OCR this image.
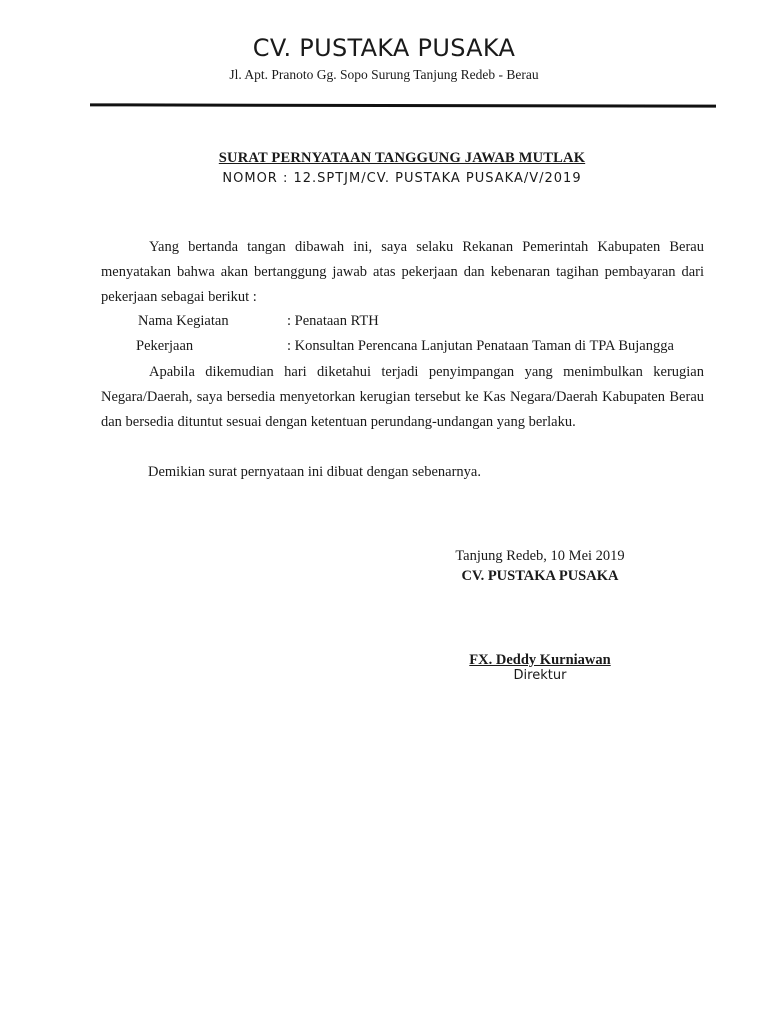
CV. PUSTAKA PUSAKA
Jl. Apt. Pranoto Gg. Sopo Surung Tanjung Redeb - Berau
SURAT PERNYATAAN TANGGUNG JAWAB MUTLAK
NOMOR : 12.SPTJM/CV. PUSTAKA PUSAKA/V/2019
Yang bertanda tangan dibawah ini, saya selaku Rekanan Pemerintah Kabupaten Berau menyatakan bahwa akan bertanggung jawab atas pekerjaan dan kebenaran tagihan pembayaran dari pekerjaan sebagai berikut :
Nama Kegiatan	: Penataan RTH
Pekerjaan	: Konsultan Perencana Lanjutan Penataan Taman di TPA Bujangga
Apabila dikemudian hari diketahui terjadi penyimpangan yang menimbulkan kerugian Negara/Daerah, saya bersedia menyetorkan kerugian tersebut ke Kas Negara/Daerah Kabupaten Berau dan bersedia dituntut sesuai dengan ketentuan perundang-undangan yang berlaku.
Demikian surat pernyataan ini dibuat dengan sebenarnya.
Tanjung Redeb, 10 Mei 2019
CV. PUSTAKA PUSAKA
FX. Deddy Kurniawan
Direktur
